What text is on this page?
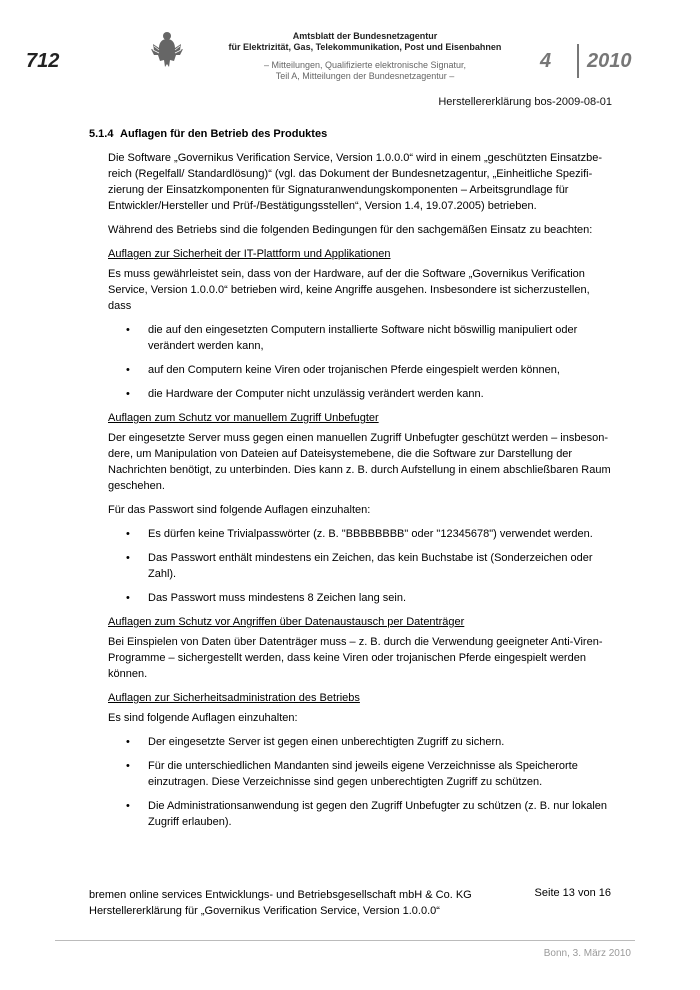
712
Amtsblatt der Bundesnetzagentur
für Elektrizität, Gas, Telekommunikation, Post und Eisenbahnen
– Mitteilungen, Qualifizierte elektronische Signatur,
Teil A, Mitteilungen der Bundesnetzagentur –
4 2010
Herstellererklärung bos-2009-08-01
5.1.4 Auflagen für den Betrieb des Produktes

Die Software „Governikus Verification Service, Version 1.0.0.0“ wird in einem „geschützten Einsatzbereich (Regelfall/ Standardlösung)“ (vgl. das Dokument der Bundesnetzagentur, „Einheitliche Spezifizierung der Einsatzkomponenten für Signaturanwendungskomponenten – Arbeitsgrundlage für Entwickler/Hersteller und Prüf-/Bestätigungsstellen“, Version 1.4, 19.07.2005) betrieben.

Während des Betriebs sind die folgenden Bedingungen für den sachgemäßen Einsatz zu beachten:

Auflagen zur Sicherheit der IT-Plattform und Applikationen

Es muss gewährleistet sein, dass von der Hardware, auf der die Software „Governikus Verification Service, Version 1.0.0.0“ betrieben wird, keine Angriffe ausgehen. Insbesondere ist sicherzustellen, dass

• die auf den eingesetzten Computern installierte Software nicht böswillig manipuliert oder verändert werden kann,
• auf den Computern keine Viren oder trojanischen Pferde eingespielt werden können,
• die Hardware der Computer nicht unzulässig verändert werden kann.

Auflagen zum Schutz vor manuellem Zugriff Unbefugter

Der eingesetzte Server muss gegen einen manuellen Zugriff Unbefugter geschützt werden – insbesondere, um Manipulation von Dateien auf Dateisystemebene, die die Software zur Darstellung der Nachrichten benötigt, zu unterbinden. Dies kann z. B. durch Aufstellung in einem abschließbaren Raum geschehen.

Für das Passwort sind folgende Auflagen einzuhalten:

• Es dürfen keine Trivialpasswörter (z. B. "BBBBBBBB" oder "12345678") verwendet werden.
• Das Passwort enthält mindestens ein Zeichen, das kein Buchstabe ist (Sonderzeichen oder Zahl).
• Das Passwort muss mindestens 8 Zeichen lang sein.

Auflagen zum Schutz vor Angriffen über Datenaustausch per Datenträger

Bei Einspielen von Daten über Datenträger muss – z. B. durch die Verwendung geeigneter Anti-Viren-Programme – sichergestellt werden, dass keine Viren oder trojanischen Pferde eingespielt werden können.

Auflagen zur Sicherheitsadministration des Betriebs

Es sind folgende Auflagen einzuhalten:

• Der eingesetzte Server ist gegen einen unberechtigten Zugriff zu sichern.
• Für die unterschiedlichen Mandanten sind jeweils eigene Verzeichnisse als Speicherorte einzutragen. Diese Verzeichnisse sind gegen unberechtigten Zugriff zu schützen.
• Die Administrationsanwendung ist gegen den Zugriff Unbefugter zu schützen (z. B. nur lokalen Zugriff erlauben).
bremen online services Entwicklungs- und Betriebsgesellschaft mbH & Co. KG
Herstellererklärung für „Governikus Verification Service, Version 1.0.0.0“
Seite 13 von 16
Bonn, 3. März 2010
